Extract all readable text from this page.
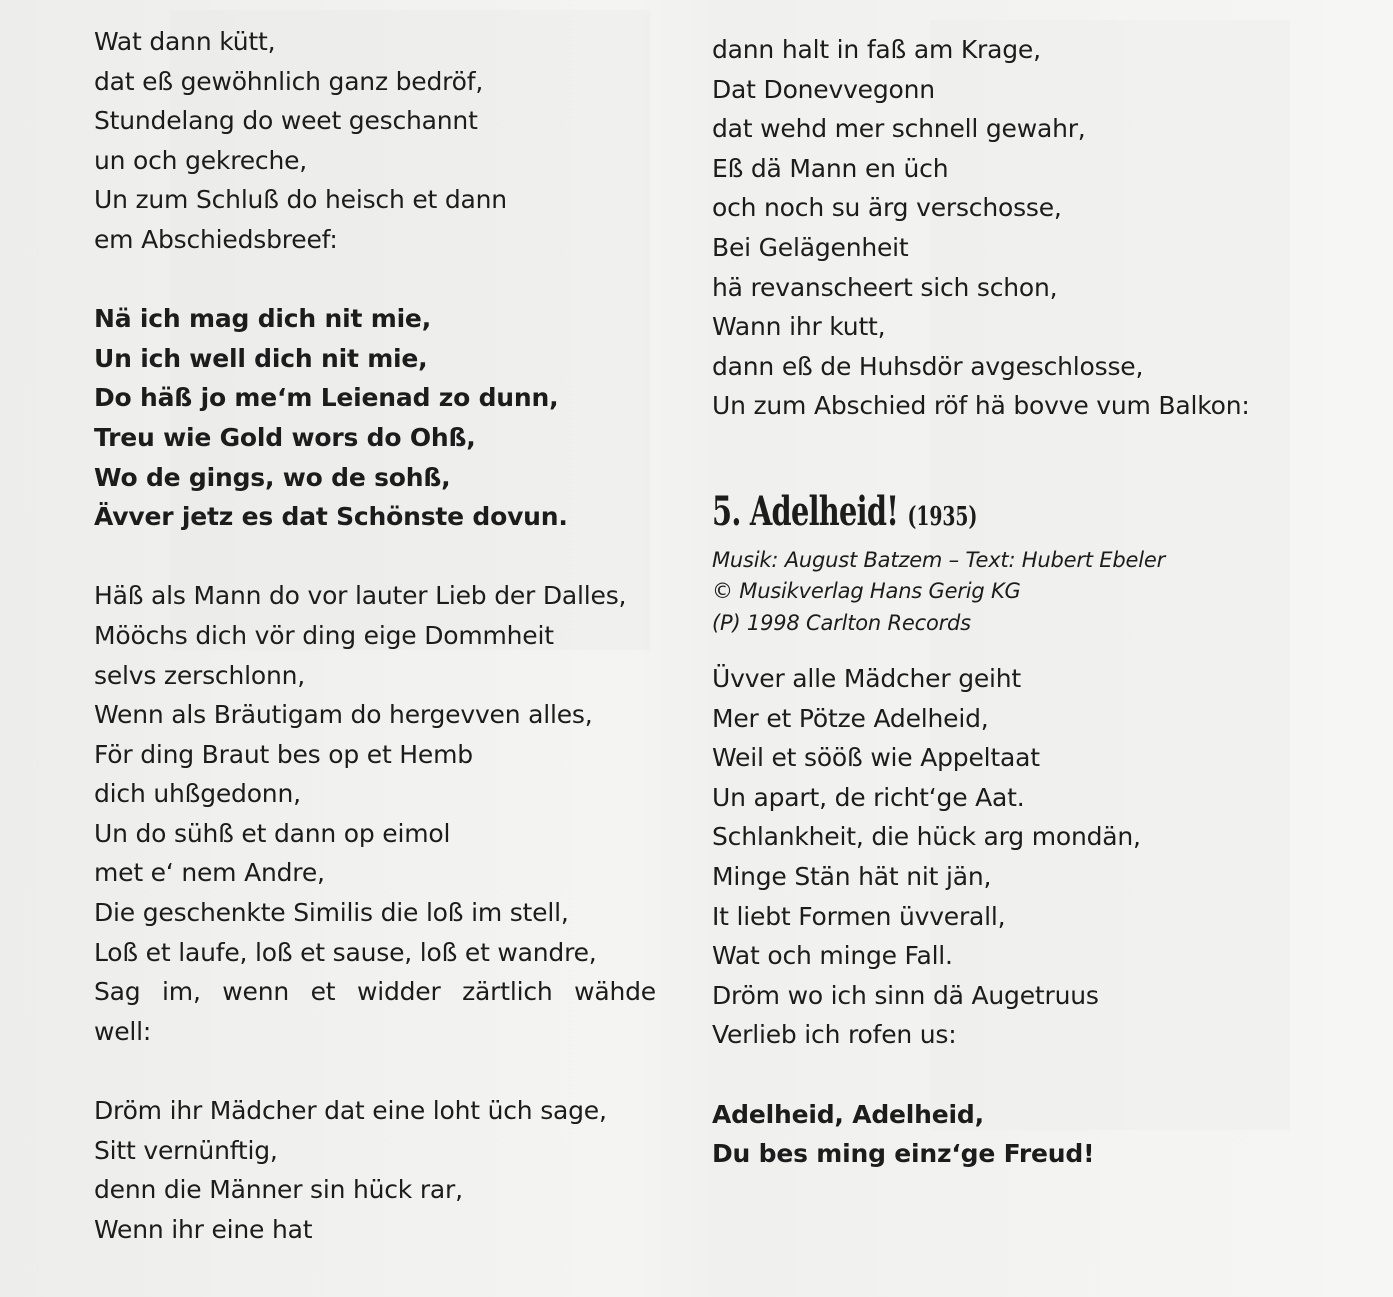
Wat dann kütt,
dat eß gewöhnlich ganz bedröf,
Stundelang do weet geschannt
un och gekreche,
Un zum Schluß do heisch et dann
em Abschiedsbreef:
Nä ich mag dich nit mie,
Un ich well dich nit mie,
Do häß jo me‘m Leienad zo dunn,
Treu wie Gold wors do Ohß,
Wo de gings, wo de sohß,
Ävver jetz es dat Schönste dovun.
Häß als Mann do vor lauter Lieb der Dalles,
Mööchs dich vör ding eige Dommheit
selvs zerschlonn,
Wenn als Bräutigam do hergevven alles,
För ding Braut bes op et Hemb
dich uhßgedonn,
Un do sühß et dann op eimol
met e‘ nem Andre,
Die geschenkte Similis die loß im stell,
Loß et laufe, loß et sause, loß et wandre,
Sag im, wenn et widder zärtlich wähde
well:
Dröm ihr Mädcher dat eine loht üch sage,
Sitt vernünftig,
denn die Männer sin hück rar,
Wenn ihr eine hat
dann halt in faß am Krage,
Dat Donevvegonn
dat wehd mer schnell gewahr,
Eß dä Mann en üch
och noch su ärg verschosse,
Bei Gelägenheit
hä revanscheert sich schon,
Wann ihr kutt,
dann eß de Huhsdör avgeschlosse,
Un zum Abschied röf hä bovve vum Balkon:
5. Adelheid! (1935)
Musik: August Batzem – Text: Hubert Ebeler
© Musikverlag Hans Gerig KG
(P) 1998 Carlton Records
Üvver alle Mädcher geiht
Mer et Pötze Adelheid,
Weil et sööß wie Appeltaat
Un apart, de richt‘ge Aat.
Schlankheit, die hück arg mondän,
Minge Stän hät nit jän,
It liebt Formen üvverall,
Wat och minge Fall.
Dröm wo ich sinn dä Augetruus
Verlieb ich rofen us:
Adelheid, Adelheid,
Du bes ming einz‘ge Freud!
